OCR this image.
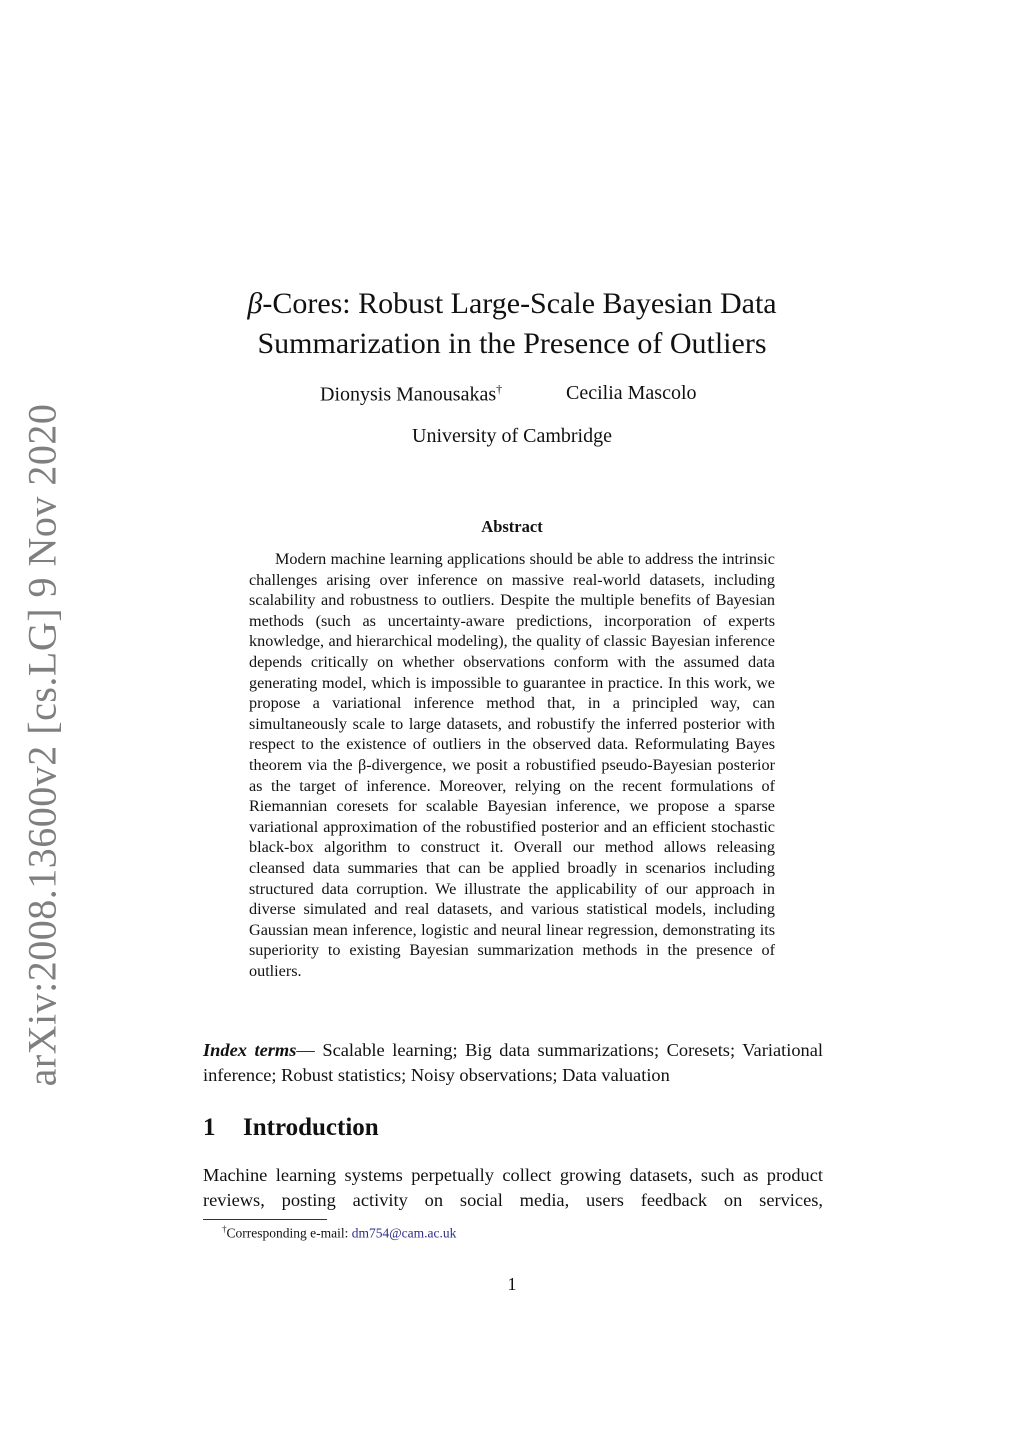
arXiv:2008.13600v2 [cs.LG] 9 Nov 2020
β-Cores: Robust Large-Scale Bayesian Data
Summarization in the Presence of Outliers
Dionysis Manousakas†	Cecilia Mascolo
University of Cambridge
Abstract

Modern machine learning applications should be able to address the intrinsic challenges arising over inference on massive real-world datasets, including scalability and robustness to outliers. Despite the multiple benefits of Bayesian methods (such as uncertainty-aware predictions, incorporation of experts knowledge, and hierarchical modeling), the quality of classic Bayesian inference depends critically on whether observations conform with the assumed data generating model, which is impossible to guarantee in practice. In this work, we propose a variational inference method that, in a principled way, can simultaneously scale to large datasets, and robustify the inferred posterior with respect to the existence of outliers in the observed data. Reformulating Bayes theorem via the β-divergence, we posit a robustified pseudo-Bayesian posterior as the target of inference. Moreover, relying on the recent formulations of Riemannian coresets for scalable Bayesian inference, we propose a sparse variational approximation of the robustified posterior and an efficient stochastic black-box algorithm to construct it. Overall our method allows releasing cleansed data summaries that can be applied broadly in scenarios including structured data corruption. We illustrate the applicability of our approach in diverse simulated and real datasets, and various statistical models, including Gaussian mean inference, logistic and neural linear regression, demonstrating its superiority to existing Bayesian summarization methods in the presence of outliers.

Index terms— Scalable learning; Big data summarizations; Coresets; Variational inference; Robust statistics; Noisy observations; Data valuation

1 Introduction

Machine learning systems perpetually collect growing datasets, such as product reviews, posting activity on social media, users feedback on services,

†Corresponding e-mail: dm754@cam.ac.uk
1
